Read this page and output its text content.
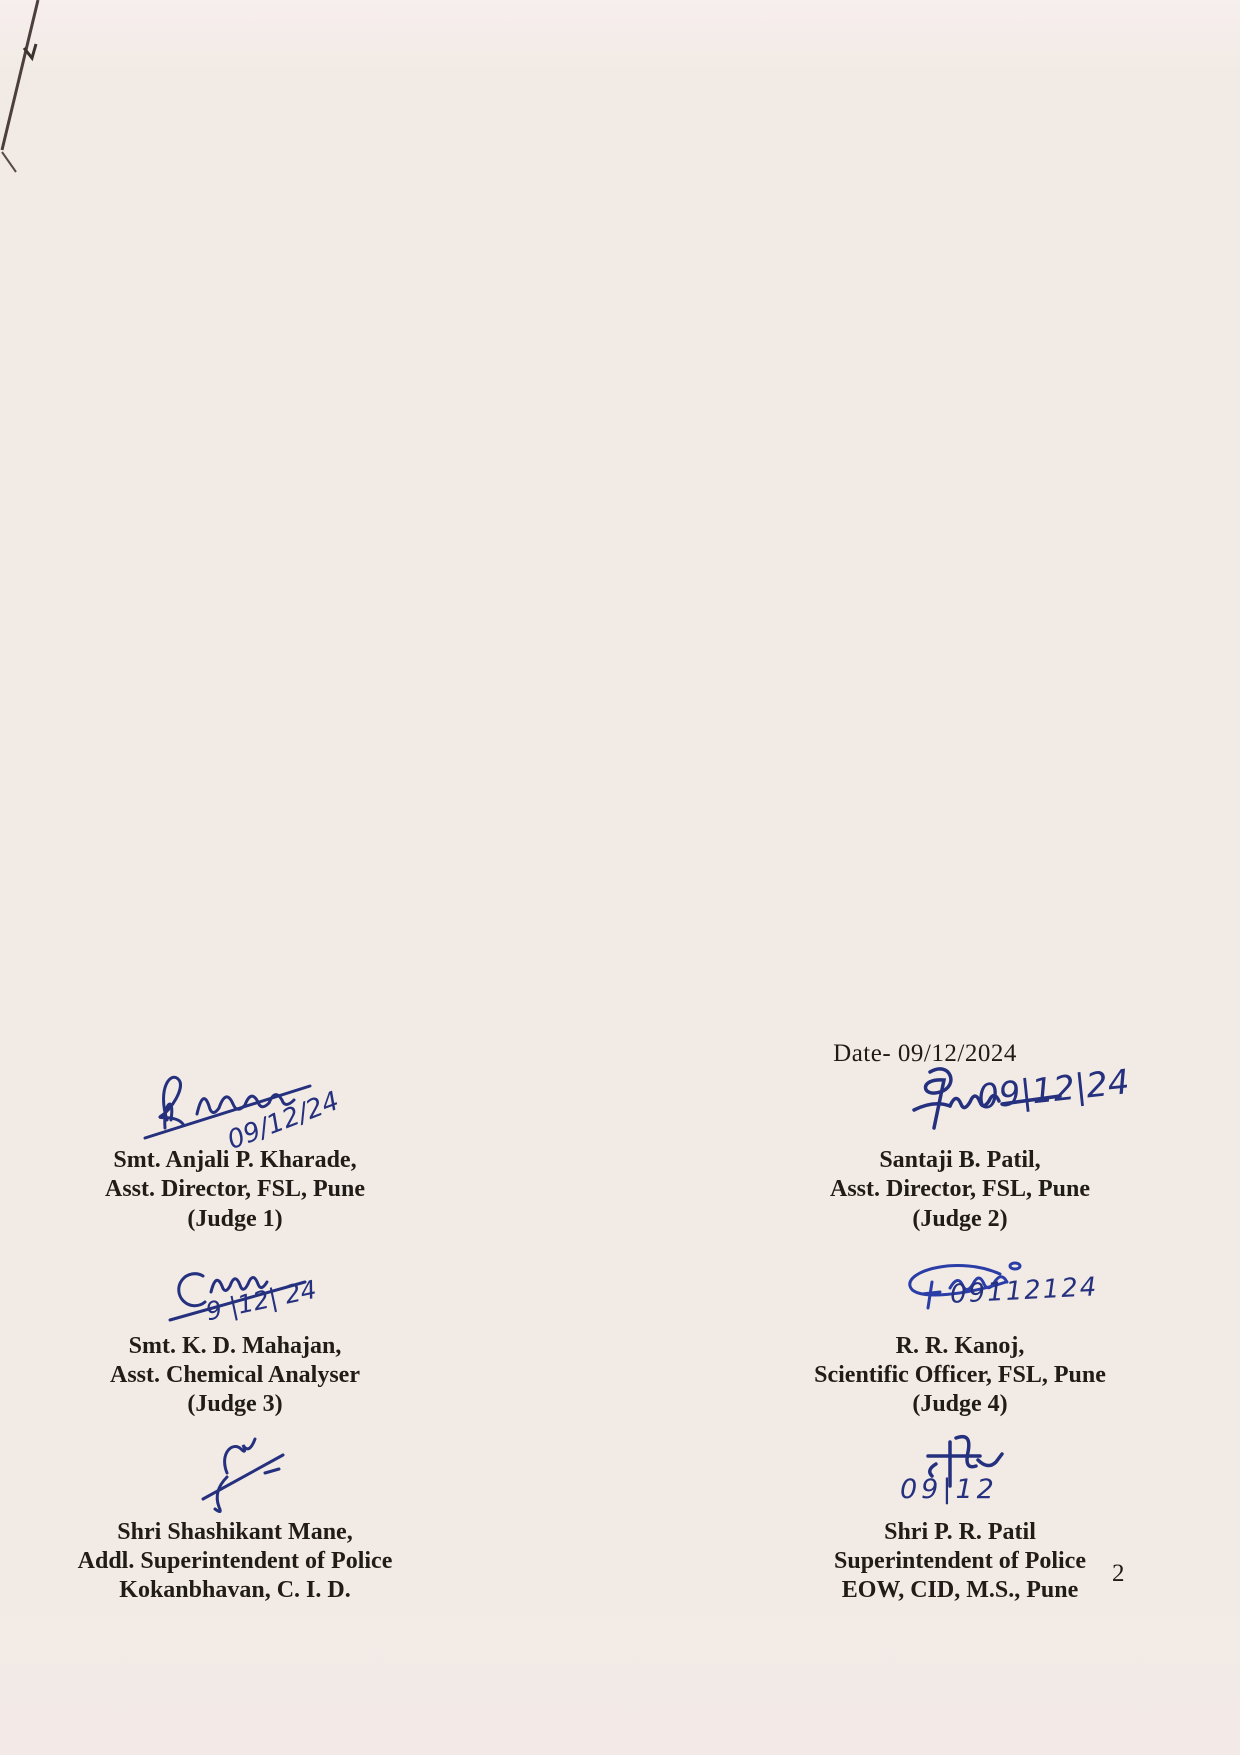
Date- 09/12/2024
09/12/24
Smt. Anjali P. Kharade,
Asst. Director, FSL, Pune
(Judge 1)
9 |12| 24
Smt. K. D. Mahajan,
Asst. Chemical Analyser
(Judge 3)
Shri Shashikant Mane,
Addl. Superintendent of Police
Kokanbhavan, C. I. D.
09|12|24
Santaji B. Patil,
Asst. Director, FSL, Pune
(Judge 2)
09112124
R. R. Kanoj,
Scientific Officer, FSL, Pune
(Judge 4)
09|12
Shri P. R. Patil
Superintendent of Police
EOW, CID, M.S., Pune
2
